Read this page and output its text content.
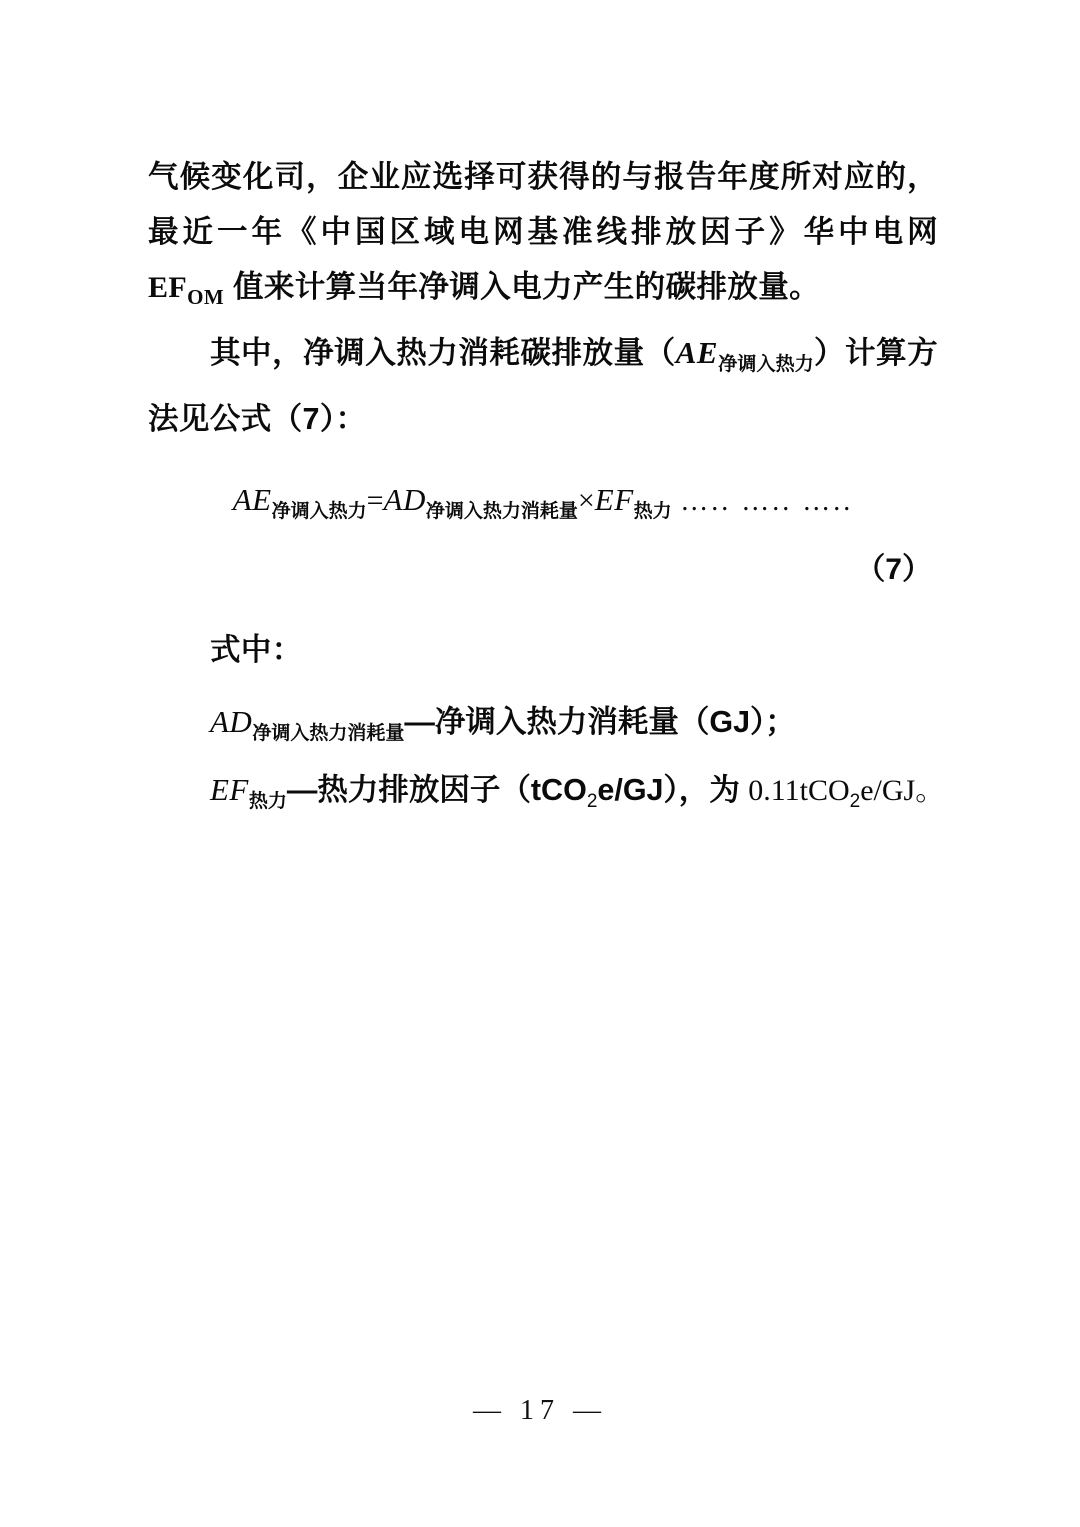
气候变化司，企业应选择可获得的与报告年度所对应的，最近一年《中国区域电网基准线排放因子》华中电网 $EF_{OM}$ 值来计算当年净调入电力产生的碳排放量。

其中，净调入热力消耗碳排放量$(AE_{净调入热力})$计算方法见公式（7）：

$AE_{净调入热力}=AD_{净调入热力消耗量}\times EF_{热力}$ ….. ….. …..
（7）

式中：

$AD_{净调入热力消耗量}—$净调入热力消耗量（GJ）；
$EF_{热力}—$热力排放因子（tCO$_2$e/GJ），为 0.11tCO$_2$e/GJ。
— 17 —
